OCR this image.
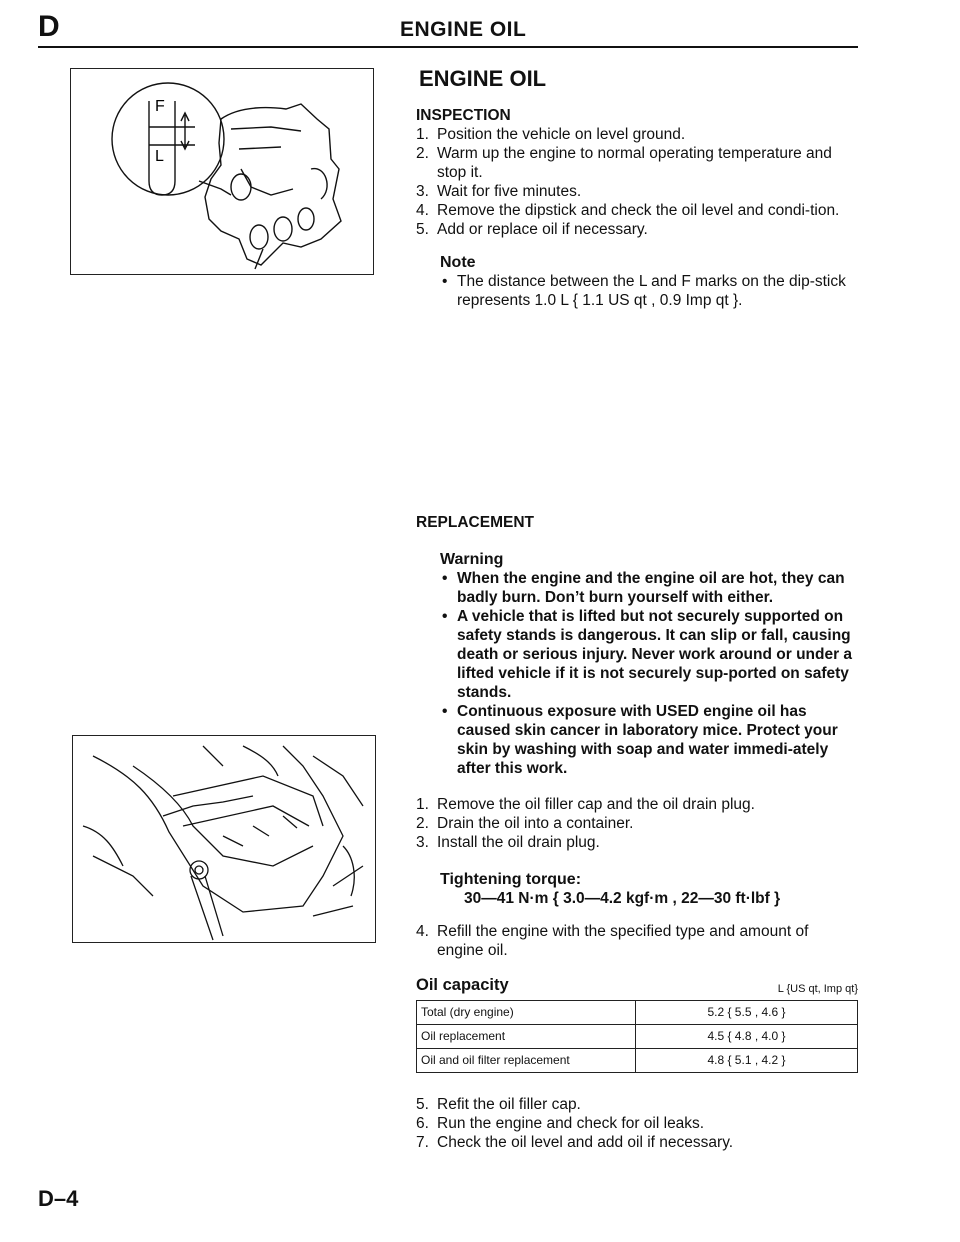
D	ENGINE OIL
F
L
ENGINE OIL
INSPECTION
1. Position the vehicle on level ground.
2. Warm up the engine to normal operating temperature and stop it.
3. Wait for five minutes.
4. Remove the dipstick and check the oil level and condi-tion.
5. Add or replace oil if necessary.
Note
• The distance between the L and F marks on the dip-stick represents 1.0 L { 1.1 US qt , 0.9 Imp qt }.
REPLACEMENT
Warning
• When the engine and the engine oil are hot, they can badly burn. Don’t burn yourself with either.
• A vehicle that is lifted but not securely supported on safety stands is dangerous. It can slip or fall, causing death or serious injury. Never work around or under a lifted vehicle if it is not securely sup-ported on safety stands.
• Continuous exposure with USED engine oil has caused skin cancer in laboratory mice. Protect your skin by washing with soap and water immedi-ately after this work.
1. Remove the oil filler cap and the oil drain plug.
2. Drain the oil into a container.
3. Install the oil drain plug.
Tightening torque:
30—41 N·m { 3.0—4.2 kgf·m , 22—30 ft·lbf }
4. Refill the engine with the specified type and amount of engine oil.
Oil capacity	L {US qt, Imp qt}
Total (dry engine)	5.2 { 5.5 , 4.6 }
Oil replacement	4.5 { 4.8 , 4.0 }
Oil and oil filter replacement	4.8 { 5.1 , 4.2 }
5. Refit the oil filler cap.
6. Run the engine and check for oil leaks.
7. Check the oil level and add oil if necessary.
D–4
